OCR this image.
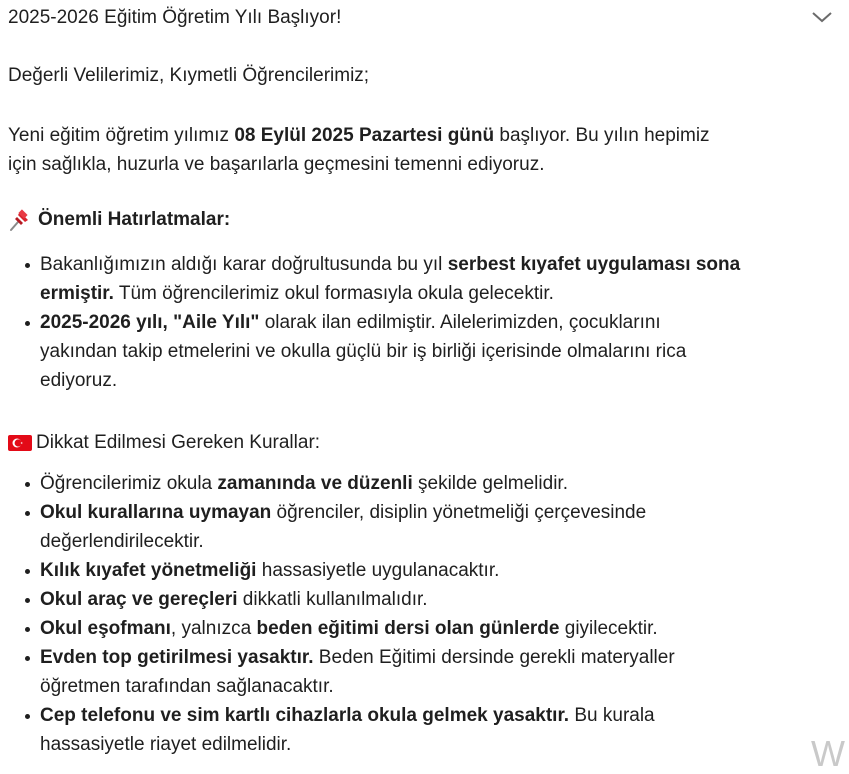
2025-2026 Eğitim Öğretim Yılı Başlıyor!

Değerli Velilerimiz, Kıymetli Öğrencilerimiz;

Yeni eğitim öğretim yılımız 08 Eylül 2025 Pazartesi günü başlıyor. Bu yılın hepimiz
için sağlıkla, huzurla ve başarılarla geçmesini temenni ediyoruz.

Önemli Hatırlatmalar:
Bakanlığımızın aldığı karar doğrultusunda bu yıl serbest kıyafet uygulaması sona
ermiştir. Tüm öğrencilerimiz okul formasıyla okula gelecektir.
2025-2026 yılı, "Aile Yılı" olarak ilan edilmiştir. Ailelerimizden, çocuklarını
yakından takip etmelerini ve okulla güçlü bir iş birliği içerisinde olmalarını rica
ediyoruz.
Dikkat Edilmesi Gereken Kurallar:
Öğrencilerimiz okula zamanında ve düzenli şekilde gelmelidir.
Okul kurallarına uymayan öğrenciler, disiplin yönetmeliği çerçevesinde
değerlendirilecektir.
Kılık kıyafet yönetmeliği hassasiyetle uygulanacaktır.
Okul araç ve gereçleri dikkatli kullanılmalıdır.
Okul eşofmanı, yalnızca beden eğitimi dersi olan günlerde giyilecektir.
Evden top getirilmesi yasaktır. Beden Eğitimi dersinde gerekli materyaller
öğretmen tarafından sağlanacaktır.
Cep telefonu ve sim kartlı cihazlarla okula gelmek yasaktır. Bu kurala
hassasiyetle riayet edilmelidir.	W
